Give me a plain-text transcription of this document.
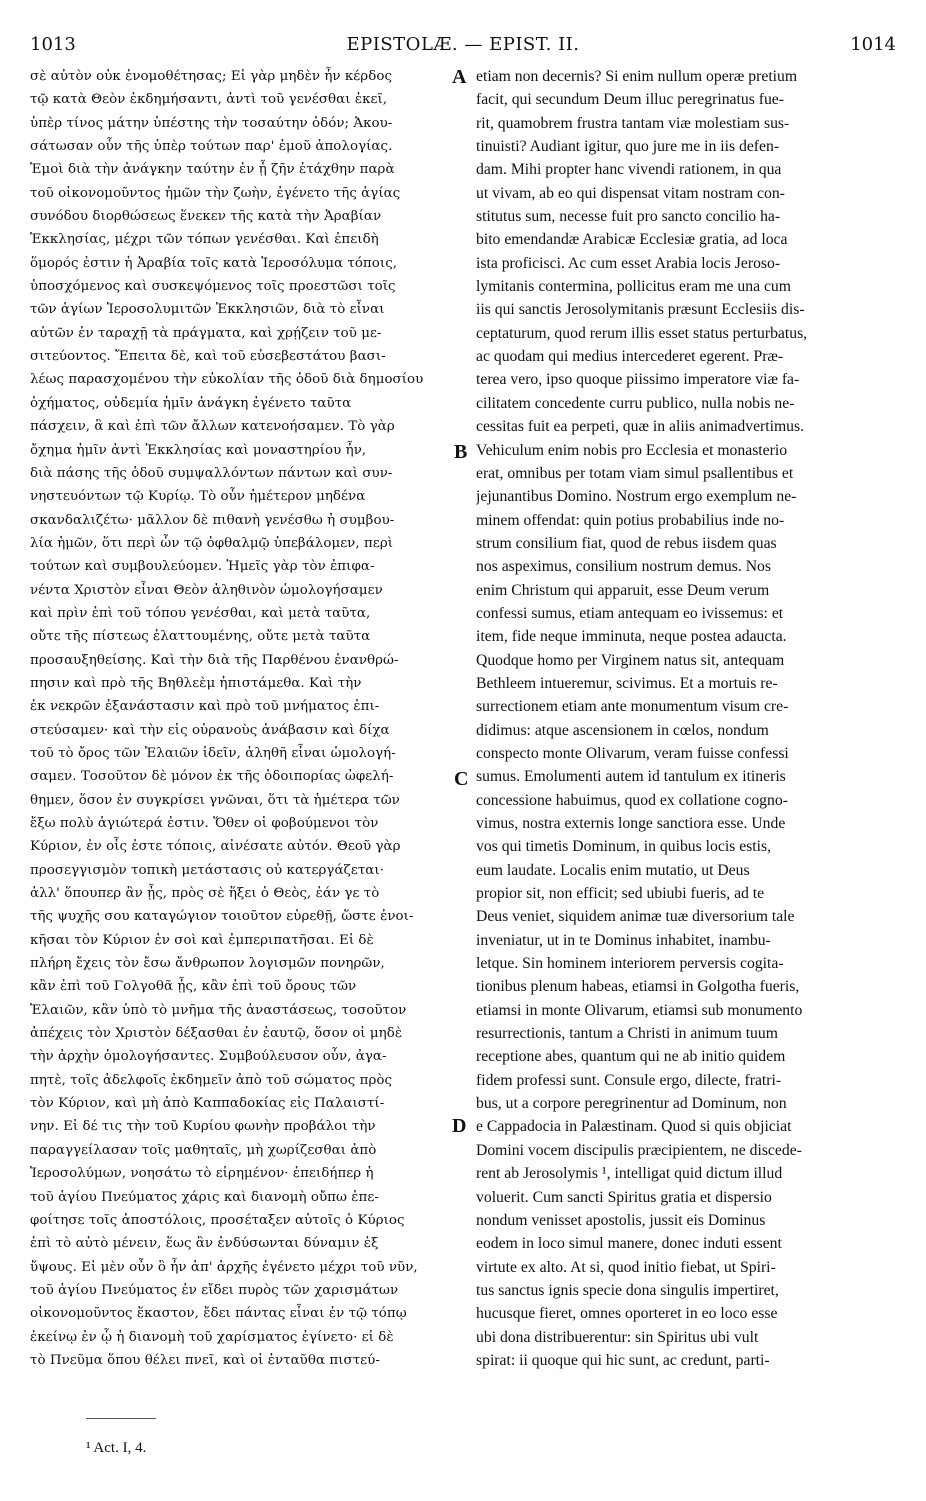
1013	EPISTOLÆ. — EPIST. II.	1014
σὲ αὐτὸν οὐκ ἐνομοθέτησας; Εἰ γὰρ μηδὲν ἦν κέρδος
τῷ κατὰ Θεὸν ἐκδημήσαντι, ἀντὶ τοῦ γενέσθαι ἐκεῖ,
ὑπὲρ τίνος μάτην ὑπέστης τὴν τοσαύτην ὁδόν; Ἀκου-
σάτωσαν οὖν τῆς ὑπὲρ τούτων παρ' ἐμοῦ ἀπολογίας.
Ἐμοὶ διὰ τὴν ἀνάγκην ταύτην ἐν ᾗ ζῆν ἐτάχθην παρὰ
τοῦ οἰκονομοῦντος ἡμῶν τὴν ζωὴν, ἐγένετο τῆς ἁγίας
συνόδου διορθώσεως ἕνεκεν τῆς κατὰ τὴν Ἀραβίαν
Ἐκκλησίας, μέχρι τῶν τόπων γενέσθαι. Καὶ ἐπειδὴ
ὅμορός ἐστιν ἡ Ἀραβία τοῖς κατὰ Ἱεροσόλυμα τόποις,
ὑποσχόμενος καὶ συσκεψόμενος τοῖς προεστῶσι τοῖς
τῶν ἁγίων Ἱεροσολυμιτῶν Ἐκκλησιῶν, διὰ τὸ εἶναι
αὐτῶν ἐν ταραχῇ τὰ πράγματα, καὶ χρῄζειν τοῦ με-
σιτεύοντος. Ἔπειτα δὲ, καὶ τοῦ εὐσεβεστάτου βασι-
λέως παρασχομένου τὴν εὐκολίαν τῆς ὁδοῦ διὰ δημοσίου
ὀχήματος, οὐδεμία ἡμῖν ἀνάγκη ἐγένετο ταῦτα
πάσχειν, ἃ καὶ ἐπὶ τῶν ἄλλων κατενοήσαμεν. Τὸ γὰρ
ὄχημα ἡμῖν ἀντὶ Ἐκκλησίας καὶ μοναστηρίου ἦν,
διὰ πάσης τῆς ὁδοῦ συμψαλλόντων πάντων καὶ συν-
νηστευόντων τῷ Κυρίῳ. Τὸ οὖν ἡμέτερον μηδένα
σκανδαλιζέτω· μᾶλλον δὲ πιθανὴ γενέσθω ἡ συμβου-
λία ἡμῶν, ὅτι περὶ ὧν τῷ ὀφθαλμῷ ὑπεβάλομεν, περὶ
τούτων καὶ συμβουλεύομεν. Ἡμεῖς γὰρ τὸν ἐπιφα-
νέντα Χριστὸν εἶναι Θεὸν ἀληθινὸν ὡμολογήσαμεν
καὶ πρὶν ἐπὶ τοῦ τόπου γενέσθαι, καὶ μετὰ ταῦτα,
οὔτε τῆς πίστεως ἐλαττουμένης, οὔτε μετὰ ταῦτα
προσαυξηθείσης. Καὶ τὴν διὰ τῆς Παρθένου ἐνανθρώ-
πησιν καὶ πρὸ τῆς Βηθλεὲμ ἠπιστάμεθα. Καὶ τὴν
ἐκ νεκρῶν ἐξανάστασιν καὶ πρὸ τοῦ μνήματος ἐπι-
στεύσαμεν· καὶ τὴν εἰς οὐρανοὺς ἀνάβασιν καὶ δίχα
τοῦ τὸ ὄρος τῶν Ἐλαιῶν ἰδεῖν, ἀληθῆ εἶναι ὡμολογή-
σαμεν. Τοσοῦτον δὲ μόνον ἐκ τῆς ὁδοιπορίας ὠφελή-
θημεν, ὅσον ἐν συγκρίσει γνῶναι, ὅτι τὰ ἡμέτερα τῶν
ἔξω πολὺ ἁγιώτερά ἐστιν. Ὅθεν οἱ φοβούμενοι τὸν
Κύριον, ἐν οἷς ἐστε τόποις, αἰνέσατε αὐτόν. Θεοῦ γὰρ
προσεγγισμὸν τοπικὴ μετάστασις οὐ κατεργάζεται·
ἀλλ' ὅπουπερ ἂν ᾖς, πρὸς σὲ ἥξει ὁ Θεὸς, ἐάν γε τὸ
τῆς ψυχῆς σου καταγώγιον τοιοῦτον εὑρεθῇ, ὥστε ἐνοι-
κῆσαι τὸν Κύριον ἐν σοὶ καὶ ἐμπεριπατῆσαι. Εἰ δὲ
πλήρη ἔχεις τὸν ἔσω ἄνθρωπον λογισμῶν πονηρῶν,
κἂν ἐπὶ τοῦ Γολγοθᾶ ᾖς, κἂν ἐπὶ τοῦ ὄρους τῶν
Ἐλαιῶν, κἂν ὑπὸ τὸ μνῆμα τῆς ἀναστάσεως, τοσοῦτον
ἀπέχεις τὸν Χριστὸν δέξασθαι ἐν ἑαυτῷ, ὅσον οἱ μηδὲ
τὴν ἀρχὴν ὁμολογήσαντες. Συμβούλευσον οὖν, ἀγα-
πητὲ, τοῖς ἀδελφοῖς ἐκδημεῖν ἀπὸ τοῦ σώματος πρὸς
τὸν Κύριον, καὶ μὴ ἀπὸ Καππαδοκίας εἰς Παλαιστί-
νην. Εἰ δέ τις τὴν τοῦ Κυρίου φωνὴν προβάλοι τὴν
παραγγείλασαν τοῖς μαθηταῖς, μὴ χωρίζεσθαι ἀπὸ
Ἱεροσολύμων, νοησάτω τὸ εἰρημένον· ἐπειδήπερ ἡ
τοῦ ἁγίου Πνεύματος χάρις καὶ διανομὴ οὔπω ἐπε-
φοίτησε τοῖς ἀποστόλοις, προσέταξεν αὐτοῖς ὁ Κύριος
ἐπὶ τὸ αὐτὸ μένειν, ἕως ἂν ἐνδύσωνται δύναμιν ἐξ
ὕψους. Εἰ μὲν οὖν ὃ ἦν ἀπ' ἀρχῆς ἐγένετο μέχρι τοῦ νῦν,
τοῦ ἁγίου Πνεύματος ἐν εἴδει πυρὸς τῶν χαρισμάτων
οἰκονομοῦντος ἕκαστον, ἔδει πάντας εἶναι ἐν τῷ τόπῳ
ἐκείνῳ ἐν ᾧ ἡ διανομὴ τοῦ χαρίσματος ἐγίνετο· εἰ δὲ
τὸ Πνεῦμα ὅπου θέλει πνεῖ, καὶ οἱ ἐνταῦθα πιστεύ-
etiam non decernis? Si enim nullum operæ pretium
facit, qui secundum Deum illuc peregrinatus fue-
rit, quamobrem frustra tantam viæ molestiam sus-
tinuisti? Audiant igitur, quo jure me in iis defen-
dam. Mihi propter hanc vivendi rationem, in qua
ut vivam, ab eo qui dispensat vitam nostram con-
stitutus sum, necesse fuit pro sancto concilio ha-
bito emendandæ Arabicæ Ecclesiæ gratia, ad loca
ista proficisci. Ac cum esset Arabia locis Jeroso-
lymitanis contermina, pollicitus eram me una cum
iis qui sanctis Jerosolymitanis præsunt Ecclesiis dis-
ceptaturum, quod rerum illis esset status perturbatus,
ac quodam qui medius intercederet egerent. Præ-
terea vero, ipso quoque piissimo imperatore viæ fa-
cilitatem concedente curru publico, nulla nobis ne-
cessitas fuit ea perpeti, quæ in aliis animadvertimus.
Vehiculum enim nobis pro Ecclesia et monasterio
erat, omnibus per totam viam simul psallentibus et
jejunantibus Domino. Nostrum ergo exemplum ne-
minem offendat: quin potius probabilius inde no-
strum consilium fiat, quod de rebus iisdem quas
nos aspeximus, consilium nostrum demus. Nos
enim Christum qui apparuit, esse Deum verum
confessi sumus, etiam antequam eo ivissemus: et
item, fide neque imminuta, neque postea adaucta.
Quodque homo per Virginem natus sit, antequam
Bethleem intueremur, scivimus. Et a mortuis re-
surrectionem etiam ante monumentum visum cre-
didimus: atque ascensionem in cœlos, nondum
conspecto monte Olivarum, veram fuisse confessi
sumus. Emolumenti autem id tantulum ex itineris
concessione habuimus, quod ex collatione cogno-
vimus, nostra externis longe sanctiora esse. Unde
vos qui timetis Dominum, in quibus locis estis,
eum laudate. Localis enim mutatio, ut Deus
propior sit, non efficit; sed ubiubi fueris, ad te
Deus veniet, siquidem animæ tuæ diversorium tale
inveniatur, ut in te Dominus inhabitet, inambu-
letque. Sin hominem interiorem perversis cogita-
tionibus plenum habeas, etiamsi in Golgotha fueris,
etiamsi in monte Olivarum, etiamsi sub monumento
resurrectionis, tantum a Christi in animum tuum
receptione abes, quantum qui ne ab initio quidem
fidem professi sunt. Consule ergo, dilecte, fratri-
bus, ut a corpore peregrinentur ad Dominum, non
e Cappadocia in Palæstinam. Quod si quis objiciat
Domini vocem discipulis præcipientem, ne discede-
rent ab Jerosolymis ¹, intelligat quid dictum illud
voluerit. Cum sancti Spiritus gratia et dispersio
nondum venisset apostolis, jussit eis Dominus
eodem in loco simul manere, donec induti essent
virtute ex alto. At si, quod initio fiebat, ut Spiri-
tus sanctus ignis specie dona singulis impertiret,
hucusque fieret, omnes oporteret in eo loco esse
ubi dona distribuerentur: sin Spiritus ubi vult
spirat: ii quoque qui hic sunt, ac credunt, parti-
A
B
C
D
¹ Act. I, 4.
